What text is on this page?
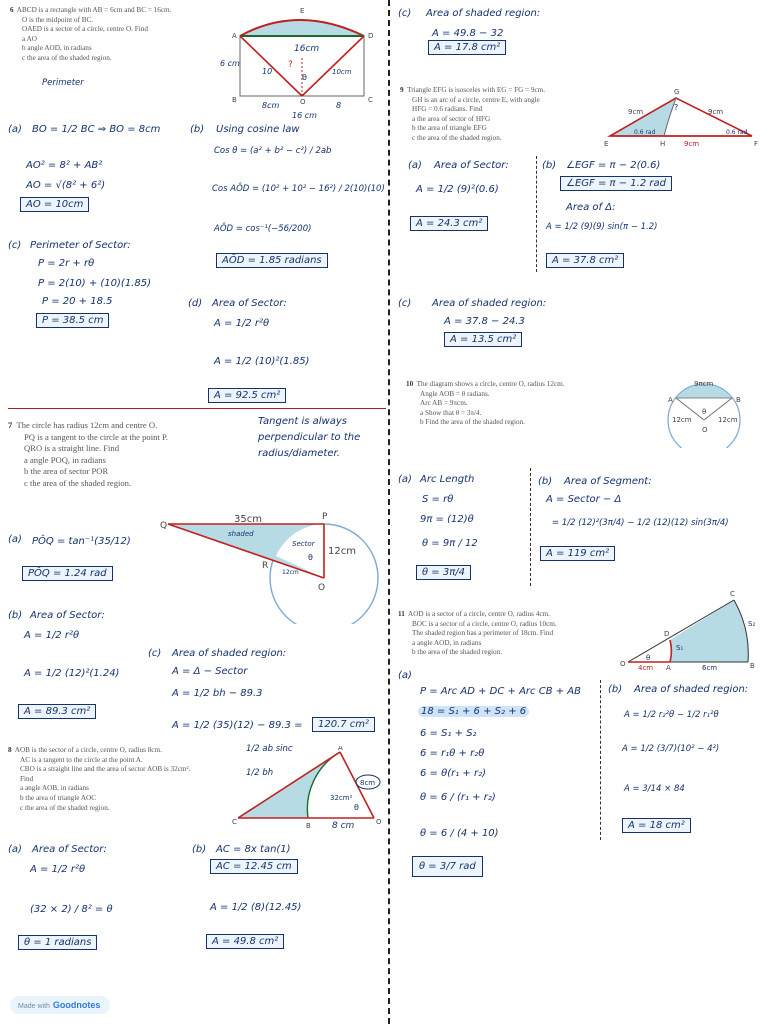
6 ABCD is a rectangle with AB = 6cm and BC = 16cm.
O is the midpoint of BC.
OAED is a sector of a circle, centre O. Find
a AO
b angle AOD, in radians
c the area of the shaded region.
Perimeter
A	D
E
B	C
O
16cm
6 cm
10	10cm
?
θ
8cm	8
16 cm
(a) BO = 1/2 BC ⇒ BO = 8cm
AO² = 8² + AB²
AO = √(8² + 6²)
AO = 10cm
(b) Using cosine law
Cos θ = (a² + b² − c²) / 2ab
Cos AÔD = (10² + 10² − 16²) / 2(10)(10)
AÔD = cos⁻¹(−56/200)
AÔD = 1.85 radians
(c) Perimeter of Sector:
P = 2r + rθ
P = 2(10) + (10)(1.85)
P = 20 + 18.5
P = 38.5 cm
(d) Area of Sector:
A = 1/2 r²θ
A = 1/2 (10)²(1.85)
A = 92.5 cm²
(c) Area of shaded region:
A = 49.8 − 32
A = 17.8 cm²
9 Triangle EFG is isosceles with EG = FG = 9cm.
GH is an arc of a circle, centre E, with angle
HFG = 0.6 radians. Find
a the area of sector of HFG
b the area of triangle EFG
c the area of the shaded region.
G
E	H	F
9cm	9cm
0.6 rad	0.6 rad
?
9cm
(a) Area of Sector:
A = 1/2 (9)²(0.6)
A = 24.3 cm²
(b) ∠EGF = π − 2(0.6)
∠EGF = π − 1.2 rad
Area of Δ:
A = 1/2 (9)(9) sin(π − 1.2)
A = 37.8 cm²
(c) Area of shaded region:
A = 37.8 − 24.3
A = 13.5 cm²
10 The diagram shows a circle, centre O, radius 12cm.
Angle AOB = θ radians.
Arc AB = 9πcm.
a Show that θ = 3π/4.
b Find the area of the shaded region.
9πcm
A	B
O
12cm	12cm
θ
(a) Arc Length
S = rθ
9π = (12)θ
θ = 9π / 12
θ = 3π/4
(b) Area of Segment:
A = Sector − Δ
= 1/2 (12)²(3π/4) − 1/2 (12)(12) sin(3π/4)
A = 119 cm²
7 The circle has radius 12cm and centre O.
PQ is a tangent to the circle at the point P.
QRO is a straight line. Find
a angle POQ, in radians
b the area of sector POR
c the area of the shaded region.
Tangent is always
perpendicular to the
radius/diameter.
Q
P
R
O
35cm
shaded
Sector
θ
12cm
12cm
(a) PÔQ = tan⁻¹(35/12)
PÔQ = 1.24 rad
(b) Area of Sector:
A = 1/2 r²θ
A = 1/2 (12)²(1.24)
A = 89.3 cm²
(c) Area of shaded region:
A = Δ − Sector
A = 1/2 bh − 89.3
A = 1/2 (35)(12) − 89.3 =	120.7 cm²
8 AOB is the sector of a circle, centre O, radius 8cm.
AC is a tangent to the circle at the point A.
CBO is a straight line and the area of sector AOB is 32cm².
Find
a angle AOB, in radians
b the area of triangle AOC
c the area of the shaded region.
1/2 ab sinc
1/2 bh
A
C	B	O
8cm
32cm²
θ
8 cm
(a) Area of Sector:
A = 1/2 r²θ
(32 × 2) / 8² = θ
θ = 1 radians
(b) AC = 8x tan(1)
AC = 12.45 cm
A = 1/2 (8)(12.45)
A = 49.8 cm²
11 AOD is a sector of a circle, centre O, radius 4cm.
BOC is a sector of a circle, centre O, radius 10cm.
The shaded region has a perimeter of 18cm. Find
a angle AOD, in radians
b the area of the shaded region.
O	A	B
C
D
4cm	6cm
S₁
S₂
θ
(a)
P = Arc AD + DC + Arc CB + AB
18 = S₁ + 6 + S₂ + 6
6 = S₁ + S₂
6 = r₁θ + r₂θ
6 = θ(r₁ + r₂)
θ = 6 / (r₁ + r₂)
θ = 6 / (4 + 10)
θ = 3/7 rad
(b) Area of shaded region:
A = 1/2 r₂²θ − 1/2 r₁²θ
A = 1/2 (3/7)(10² − 4²)
A = 3/14 × 84
A = 18 cm²
Made with Goodnotes
